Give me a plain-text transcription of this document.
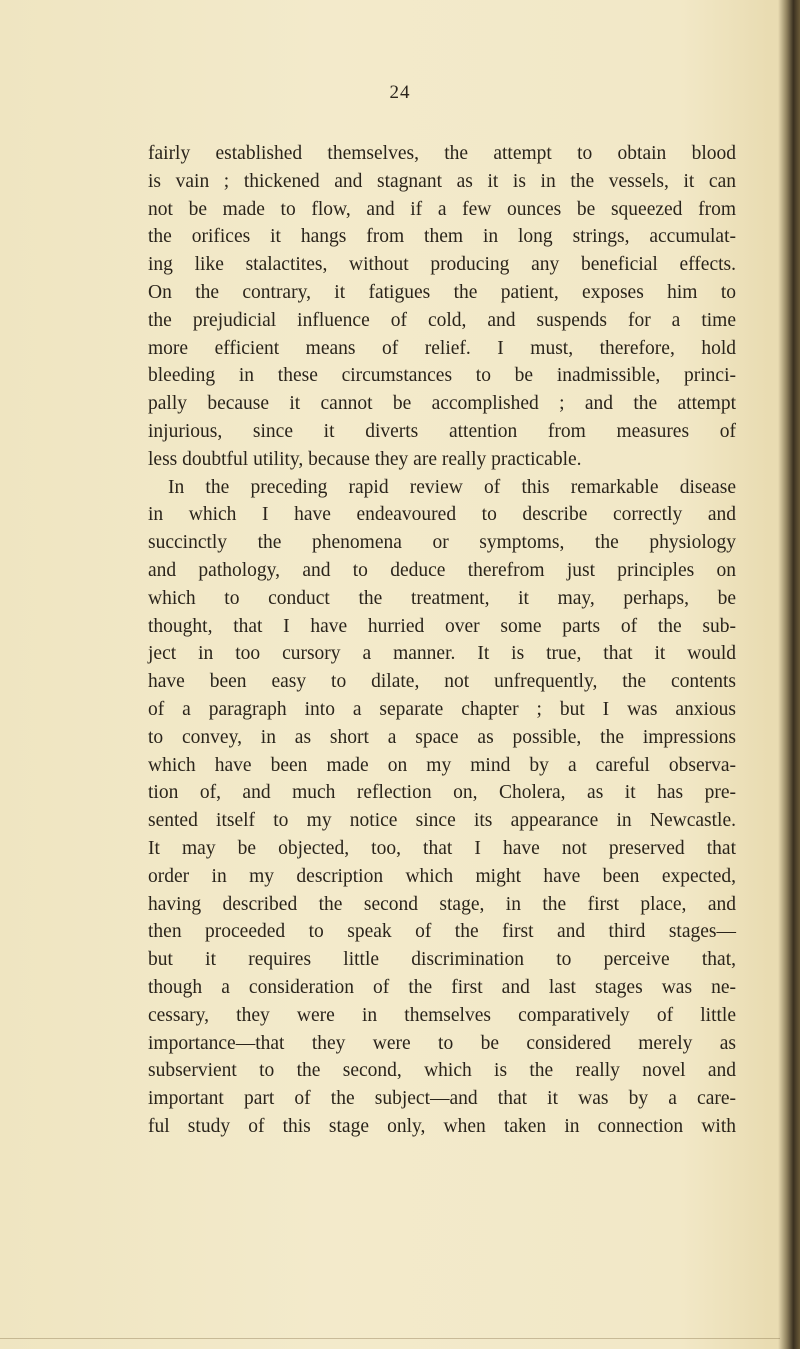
24
fairly established themselves, the attempt to obtain blood
is vain ; thickened and stagnant as it is in the vessels, it can
not be made to flow, and if a few ounces be squeezed from
the orifices it hangs from them in long strings, accumulat-
ing like stalactites, without producing any beneficial effects.
On the contrary, it fatigues the patient, exposes him to
the prejudicial influence of cold, and suspends for a time
more efficient means of relief. I must, therefore, hold
bleeding in these circumstances to be inadmissible, princi-
pally because it cannot be accomplished ; and the attempt
injurious, since it diverts attention from measures of
less doubtful utility, because they are really practicable.
In the preceding rapid review of this remarkable disease
in which I have endeavoured to describe correctly and
succinctly the phenomena or symptoms, the physiology
and pathology, and to deduce therefrom just principles on
which to conduct the treatment, it may, perhaps, be
thought, that I have hurried over some parts of the sub-
ject in too cursory a manner. It is true, that it would
have been easy to dilate, not unfrequently, the contents
of a paragraph into a separate chapter ; but I was anxious
to convey, in as short a space as possible, the impressions
which have been made on my mind by a careful observa-
tion of, and much reflection on, Cholera, as it has pre-
sented itself to my notice since its appearance in Newcastle.
It may be objected, too, that I have not preserved that
order in my description which might have been expected,
having described the second stage, in the first place, and
then proceeded to speak of the first and third stages—
but it requires little discrimination to perceive that,
though a consideration of the first and last stages was ne-
cessary, they were in themselves comparatively of little
importance—that they were to be considered merely as
subservient to the second, which is the really novel and
important part of the subject—and that it was by a care-
ful study of this stage only, when taken in connection with
